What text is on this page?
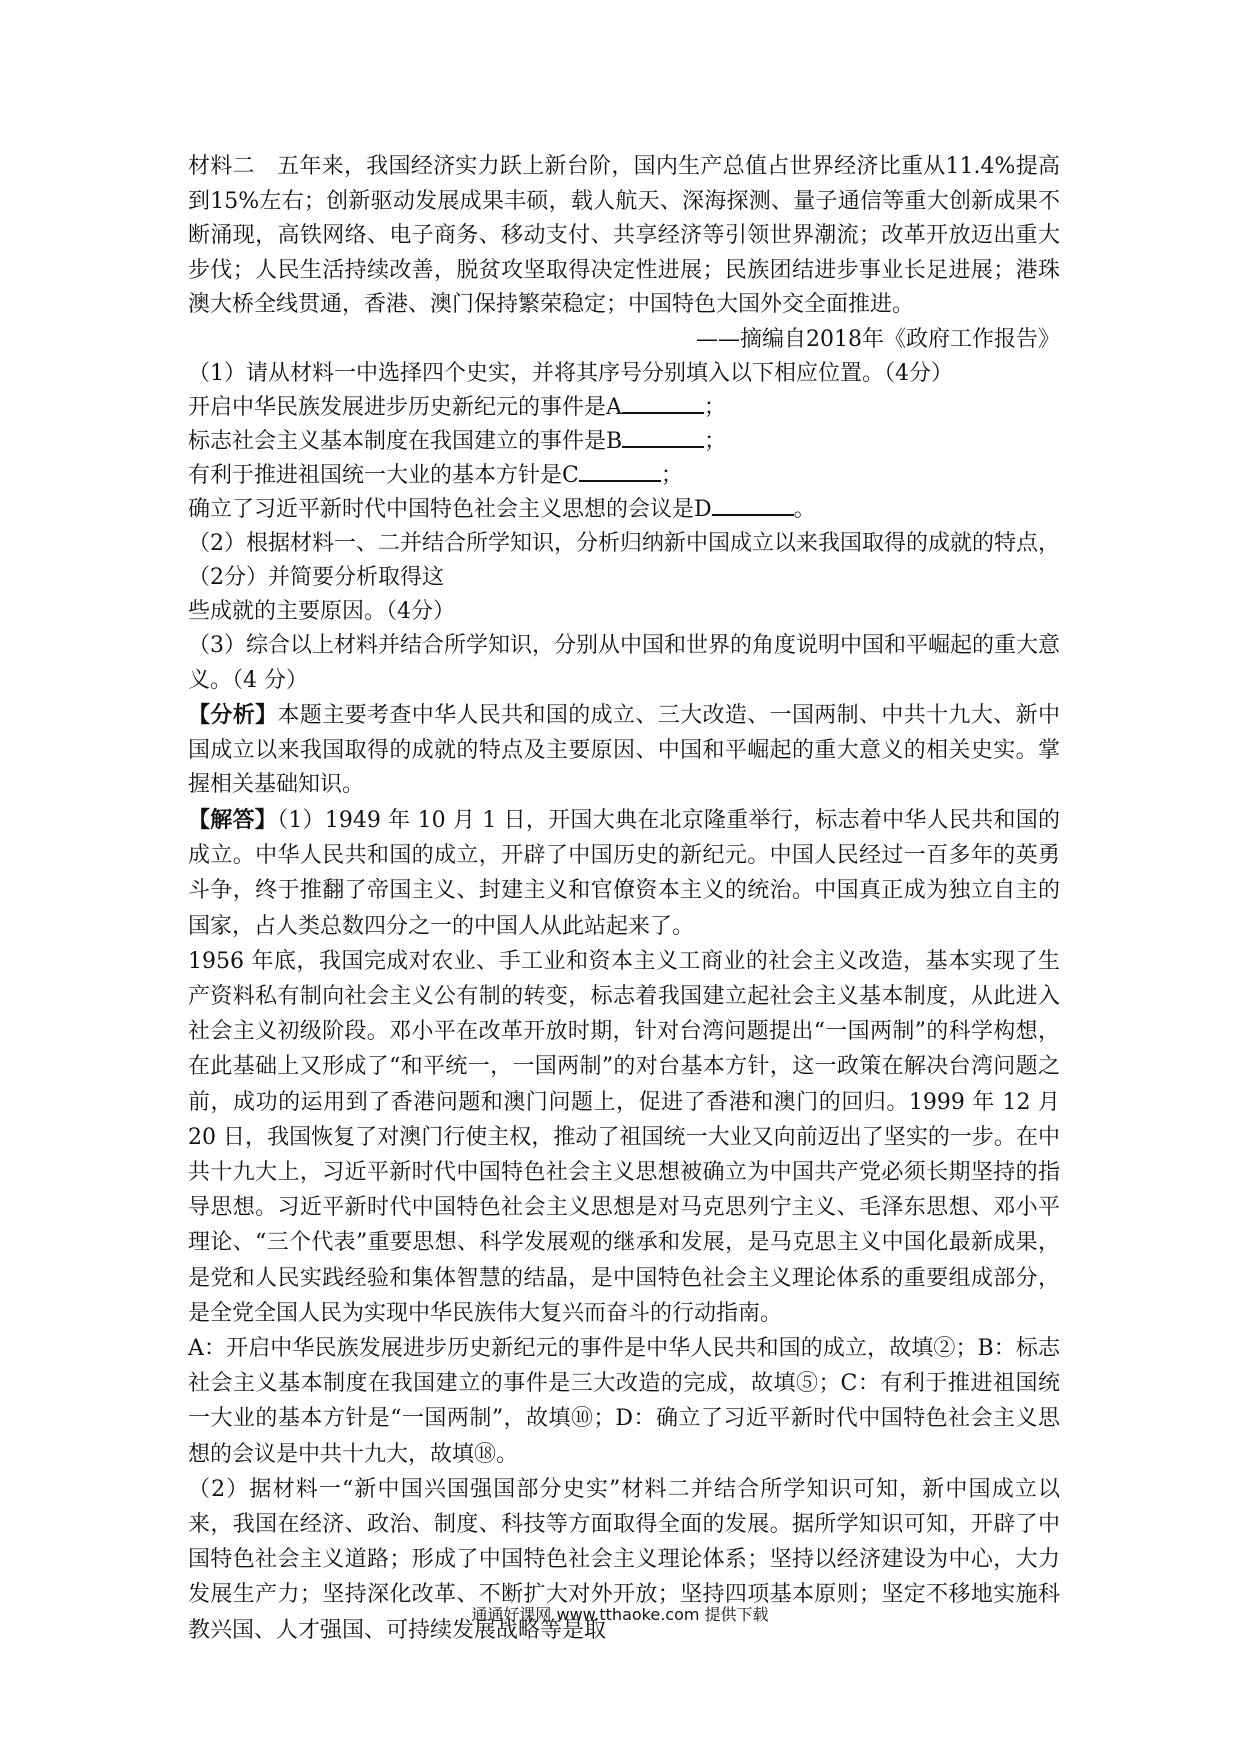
材料二　五年来，我国经济实力跃上新台阶，国内生产总值占世界经济比重从11.4%提高到15%左右；创新驱动发展成果丰硕，载人航天、深海探测、量子通信等重大创新成果不断涌现，高铁网络、电子商务、移动支付、共享经济等引领世界潮流；改革开放迈出重大步伐；人民生活持续改善，脱贫攻坚取得决定性进展；民族团结进步事业长足进展；港珠澳大桥全线贯通，香港、澳门保持繁荣稳定；中国特色大国外交全面推进。

——摘编自2018年《政府工作报告》

（1）请从材料一中选择四个史实，并将其序号分别填入以下相应位置。（4分）

开启中华民族发展进步历史新纪元的事件是A	；

标志社会主义基本制度在我国建立的事件是B	；

有利于推进祖国统一大业的基本方针是C	；

确立了习近平新时代中国特色社会主义思想的会议是D	。

（2）根据材料一、二并结合所学知识，分析归纳新中国成立以来我国取得的成就的特点，

（2分）并简要分析取得这

些成就的主要原因。（4分）

（3）综合以上材料并结合所学知识，分别从中国和世界的角度说明中国和平崛起的重大意义。（4 分）

【分析】本题主要考查中华人民共和国的成立、三大改造、一国两制、中共十九大、新中国成立以来我国取得的成就的特点及主要原因、中国和平崛起的重大意义的相关史实。掌握相关基础知识。

【解答】（1）1949 年 10 月 1 日，开国大典在北京隆重举行，标志着中华人民共和国的成立。中华人民共和国的成立，开辟了中国历史的新纪元。中国人民经过一百多年的英勇斗争，终于推翻了帝国主义、封建主义和官僚资本主义的统治。中国真正成为独立自主的国家，占人类总数四分之一的中国人从此站起来了。

1956 年底，我国完成对农业、手工业和资本主义工商业的社会主义改造，基本实现了生产资料私有制向社会主义公有制的转变，标志着我国建立起社会主义基本制度，从此进入社会主义初级阶段。邓小平在改革开放时期，针对台湾问题提出“一国两制”的科学构想，在此基础上又形成了“和平统一，一国两制”的对台基本方针，这一政策在解决台湾问题之前，成功的运用到了香港问题和澳门问题上，促进了香港和澳门的回归。1999 年 12 月 20 日，我国恢复了对澳门行使主权，推动了祖国统一大业又向前迈出了坚实的一步。在中共十九大上，习近平新时代中国特色社会主义思想被确立为中国共产党必须长期坚持的指导思想。习近平新时代中国特色社会主义思想是对马克思列宁主义、毛泽东思想、邓小平理论、“三个代表”重要思想、科学发展观的继承和发展，是马克思主义中国化最新成果，是党和人民实践经验和集体智慧的结晶，是中国特色社会主义理论体系的重要组成部分，是全党全国人民为实现中华民族伟大复兴而奋斗的行动指南。

A：开启中华民族发展进步历史新纪元的事件是中华人民共和国的成立，故填②；B：标志社会主义基本制度在我国建立的事件是三大改造的完成，故填⑤；C：有利于推进祖国统一大业的基本方针是“一国两制”，故填⑩；D：确立了习近平新时代中国特色社会主义思想的会议是中共十九大，故填⑱。

（2）据材料一“新中国兴国强国部分史实”材料二并结合所学知识可知，新中国成立以来，我国在经济、政治、制度、科技等方面取得全面的发展。据所学知识可知，开辟了中国特色社会主义道路；形成了中国特色社会主义理论体系；坚持以经济建设为中心，大力发展生产力；坚持深化改革、不断扩大对外开放；坚持四项基本原则；坚定不移地实施科教兴国、人才强国、可持续发展战略等是取

通通好课网 www.tthaoke.com 提供下载
